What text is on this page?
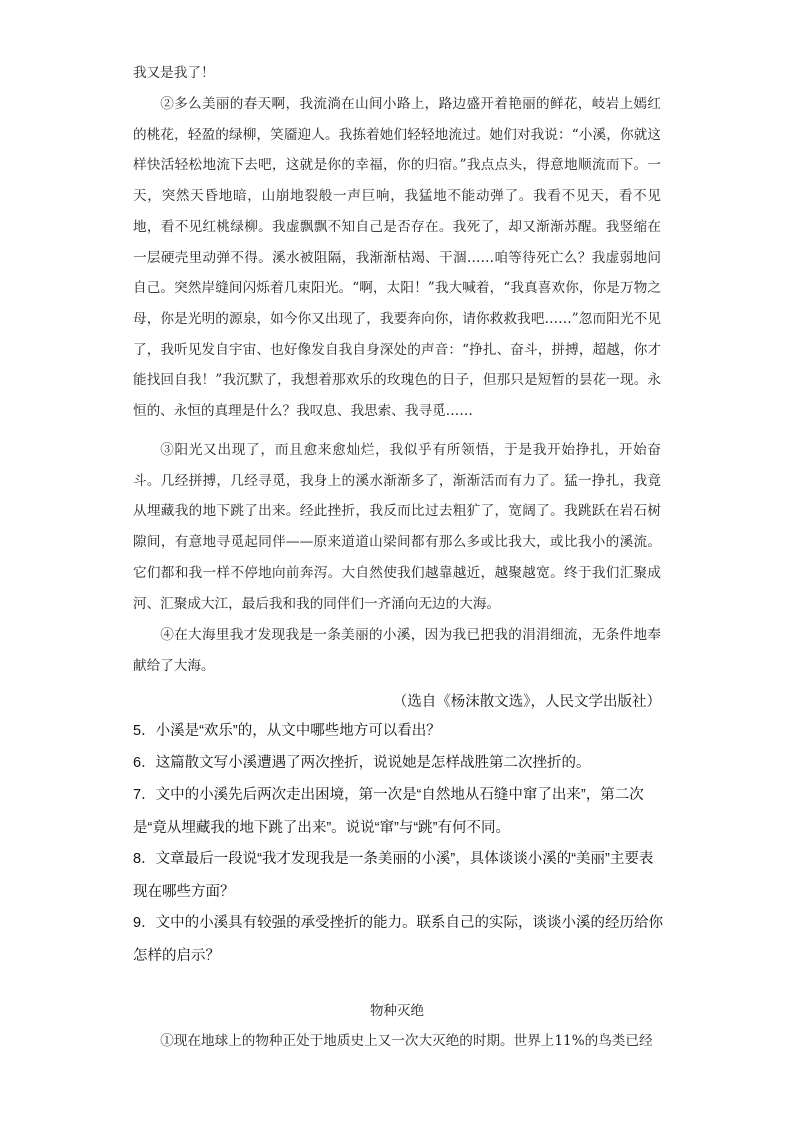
我又是我了！

②多么美丽的春天啊，我流淌在山间小路上，路边盛开着艳丽的鲜花，岐岩上嫣红的桃花，轻盈的绿柳，笑靥迎人。我拣着她们轻轻地流过。她们对我说：“小溪，你就这样快活轻松地流下去吧，这就是你的幸福，你的归宿。”我点点头，得意地顺流而下。一天，突然天昏地暗，山崩地裂般一声巨响，我猛地不能动弹了。我看不见天，看不见地，看不见红桃绿柳。我虚飘飘不知自己是否存在。我死了，却又渐渐苏醒。我竖缩在一层硬壳里动弹不得。溪水被阻隔，我渐渐枯竭、干涸……咱等待死亡么？我虚弱地问自己。突然岸缝间闪烁着几束阳光。“啊，太阳！”我大喊着，“我真喜欢你，你是万物之母，你是光明的源泉，如今你又出现了，我要奔向你，请你救救我吧……”忽而阳光不见了，我听见发自宇宙、也好像发自我自身深处的声音：“挣扎、奋斗，拼搏，超越，你才能找回自我！”我沉默了，我想着那欢乐的玫瑰色的日子，但那只是短暂的昙花一现。永恒的、永恒的真理是什么？我叹息、我思索、我寻觅……

③阳光又出现了，而且愈来愈灿烂，我似乎有所领悟，于是我开始挣扎，开始奋斗。几经拼搏，几经寻觅，我身上的溪水渐渐多了，渐渐活而有力了。猛一挣扎，我竟从埋藏我的地下跳了出来。经此挫折，我反而比过去粗犷了，宽阔了。我跳跃在岩石树隙间，有意地寻觅起同伴——原来道道山梁间都有那么多或比我大，或比我小的溪流。它们都和我一样不停地向前奔泻。大自然使我们越靠越近，越聚越宽。终于我们汇聚成河、汇聚成大江，最后我和我的同伴们一齐涌向无边的大海。

④在大海里我才发现我是一条美丽的小溪，因为我已把我的涓涓细流，无条件地奉献给了大海。

（选自《杨沫散文选》，人民文学出版社）

5．小溪是“欢乐”的，从文中哪些地方可以看出？

6．这篇散文写小溪遭遇了两次挫折，说说她是怎样战胜第二次挫折的。

7．文中的小溪先后两次走出困境，第一次是“自然地从石缝中窜了出来”，第二次是“竟从埋藏我的地下跳了出来”。说说“窜”与“跳”有何不同。

8．文章最后一段说“我才发现我是一条美丽的小溪”，具体谈谈小溪的“美丽”主要表现在哪些方面？

9．文中的小溪具有较强的承受挫折的能力。联系自己的实际，谈谈小溪的经历给你怎样的启示？

物种灭绝

①现在地球上的物种正处于地质史上又一次大灭绝的时期。世界上11%的鸟类已经
